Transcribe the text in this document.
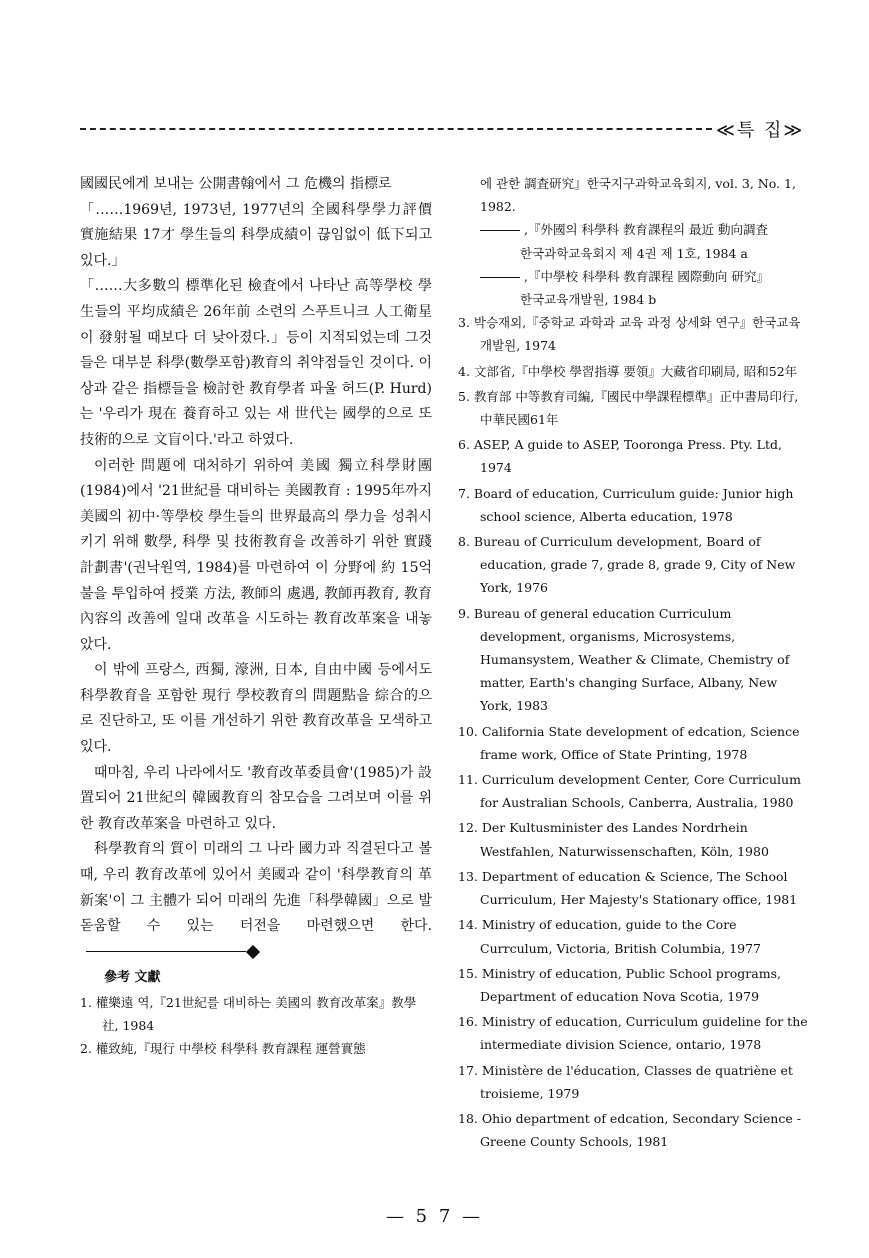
≪특 집≫

國國民에게 보내는 公開書翰에서 그 危機의 指標로

「……1969년, 1973년, 1977년의 全國科學學力評價 實施結果 17才 學生들의 科學成績이 끊임없이 低下되고 있다.」

「……大多數의 標準化된 檢査에서 나타난 高等學校 學生들의 平均成績은 26年前 소련의 스푸트니크 人工衛星이 發射될 때보다 더 낮아졌다.」등이 지적되었는데 그것들은 대부분 科學(數學포함)教育의 취약점들인 것이다. 이상과 같은 指標들을 檢討한 教育學者 파울 허드(P. Hurd)는 '우리가 現在 養育하고 있는 새 世代는 國學的으로 또 技術的으로 文盲이다.'라고 하였다.

이러한 問題에 대처하기 위하여 美國 獨立科學財團(1984)에서 '21世紀를 대비하는 美國教育 : 1995年까지 美國의 初中·等學校 學生들의 世界最高의 學力을 성취시키기 위해 數學, 科學 및 技術教育을 改善하기 위한 實踐計劃書'(권낙원역, 1984)를 마련하여 이 分野에 約 15억 불을 투입하여 授業 方法, 教師의 處遇, 教師再教育, 教育內容의 改善에 일대 改革을 시도하는 教育改革案을 내놓았다.

이 밖에 프랑스, 西獨, 濠洲, 日本, 自由中國 등에서도 科學教育을 포함한 現行 學校教育의 問題點을 綜合的으로 진단하고, 또 이를 개선하기 위한 教育改革을 모색하고 있다.

때마침, 우리 나라에서도 '教育改革委員會'(1985)가 設置되어 21世紀의 韓國教育의 참모습을 그려보며 이를 위한 教育改革案을 마련하고 있다.

科學教育의 質이 미래의 그 나라 國力과 직결된다고 볼 때, 우리 教育改革에 있어서 美國과 같이 '科學教育의 革新案'이 그 主體가 되어 미래의 先進「科學韓國」으로 발돋움할 수 있는 터전을 마련했으면 한다.

參考 文獻

1. 權樂遠 역,『21世紀를 대비하는 美國의 教育改革案』教學社, 1984

2. 權致純,『現行 中學校 科學科 教育課程 運營實態

에 관한 調査研究』한국지구과학교육회지, vol. 3, No. 1, 1982.

,『外國의 科學科 教育課程의 最近 動向調査

한국과학교육회지 제 4권 제 1호, 1984 a

,『中學校 科學科 教育課程 國際動向 研究』

한국교육개발원, 1984 b

3. 박승재외,『중학교 과학과 교육 과정 상세화 연구』한국교육개발원, 1974

4. 文部省,『中學校 學習指導 要領』大藏省印刷局, 昭和52年

5. 教育部 中等教育司編,『國民中學課程標準』正中書局印行, 中華民國61年

6. ASEP, A guide to ASEP, Tooronga Press. Pty. Ltd, 1974

7. Board of education, Curriculum guide: Junior high school science, Alberta education, 1978

8. Bureau of Curriculum development, Board of education, grade 7, grade 8, grade 9, City of New York, 1976

9. Bureau of general education Curriculum development, organisms, Microsystems, Humansystem, Weather & Climate, Chemistry of matter, Earth's changing Surface, Albany, New York, 1983

10. California State development of edcation, Science frame work, Office of State Printing, 1978

11. Curriculum development Center, Core Curriculum for Australian Schools, Canberra, Australia, 1980

12. Der Kultusminister des Landes Nordrhein Westfahlen, Naturwissenschaften, Köln, 1980

13. Department of education & Science, The School Curriculum, Her Majesty's Stationary office, 1981

14. Ministry of education, guide to the Core Currculum, Victoria, British Columbia, 1977

15. Ministry of education, Public School programs, Department of education Nova Scotia, 1979

16. Ministry of education, Curriculum guideline for the intermediate division Science, ontario, 1978

17. Ministère de l'éducation, Classes de quatriène et troisieme, 1979

18. Ohio department of edcation, Secondary Science -Greene County Schools, 1981

— 5 7 —
